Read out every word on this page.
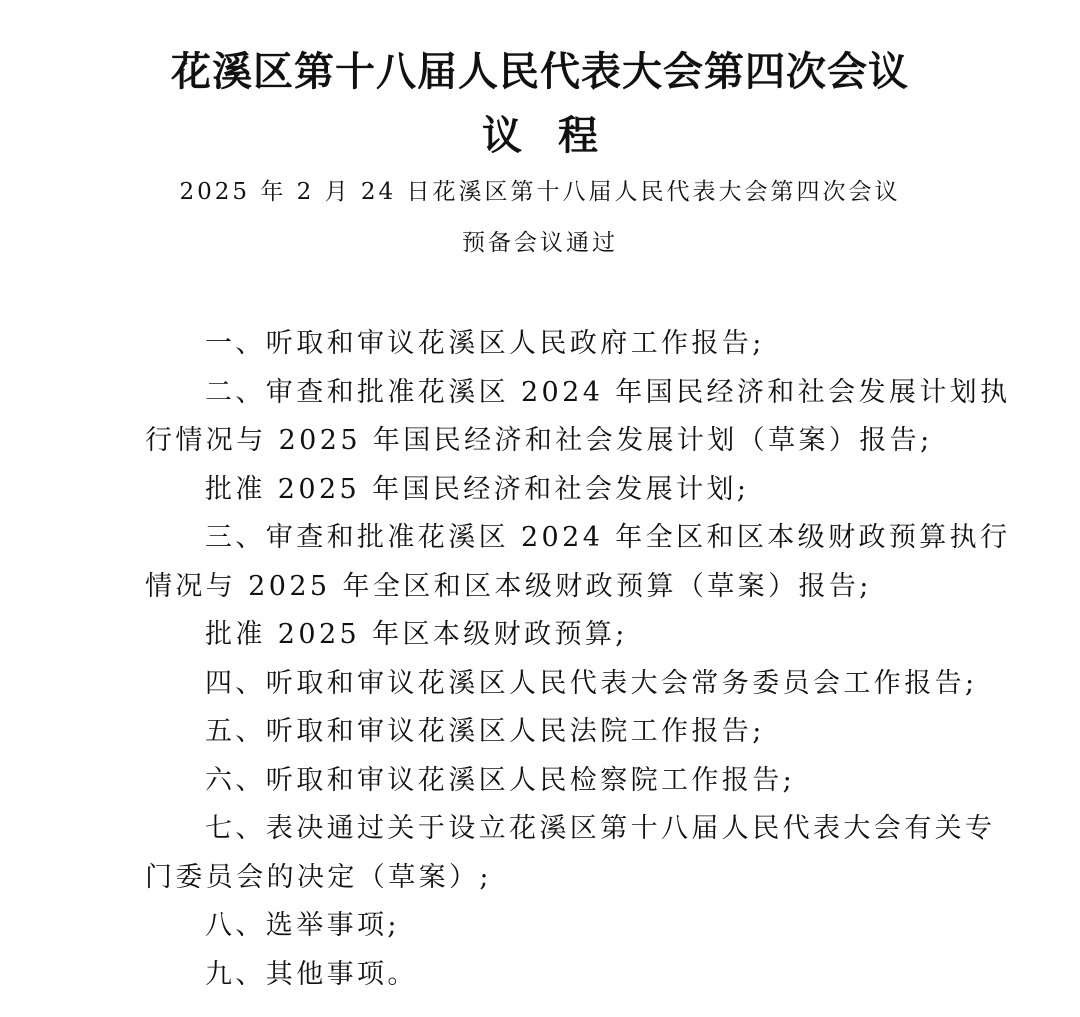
花溪区第十八届人民代表大会第四次会议
议程
2025 年 2 月 24 日花溪区第十八届人民代表大会第四次会议
预备会议通过

一、听取和审议花溪区人民政府工作报告;

二、审查和批准花溪区 2024 年国民经济和社会发展计划执
行情况与 2025 年国民经济和社会发展计划（草案）报告;

批准 2025 年国民经济和社会发展计划;

三、审查和批准花溪区 2024 年全区和区本级财政预算执行
情况与 2025 年全区和区本级财政预算（草案）报告;

批准 2025 年区本级财政预算;

四、听取和审议花溪区人民代表大会常务委员会工作报告;

五、听取和审议花溪区人民法院工作报告;

六、听取和审议花溪区人民检察院工作报告;

七、表决通过关于设立花溪区第十八届人民代表大会有关专
门委员会的决定（草案）;

八、选举事项;

九、其他事项。
